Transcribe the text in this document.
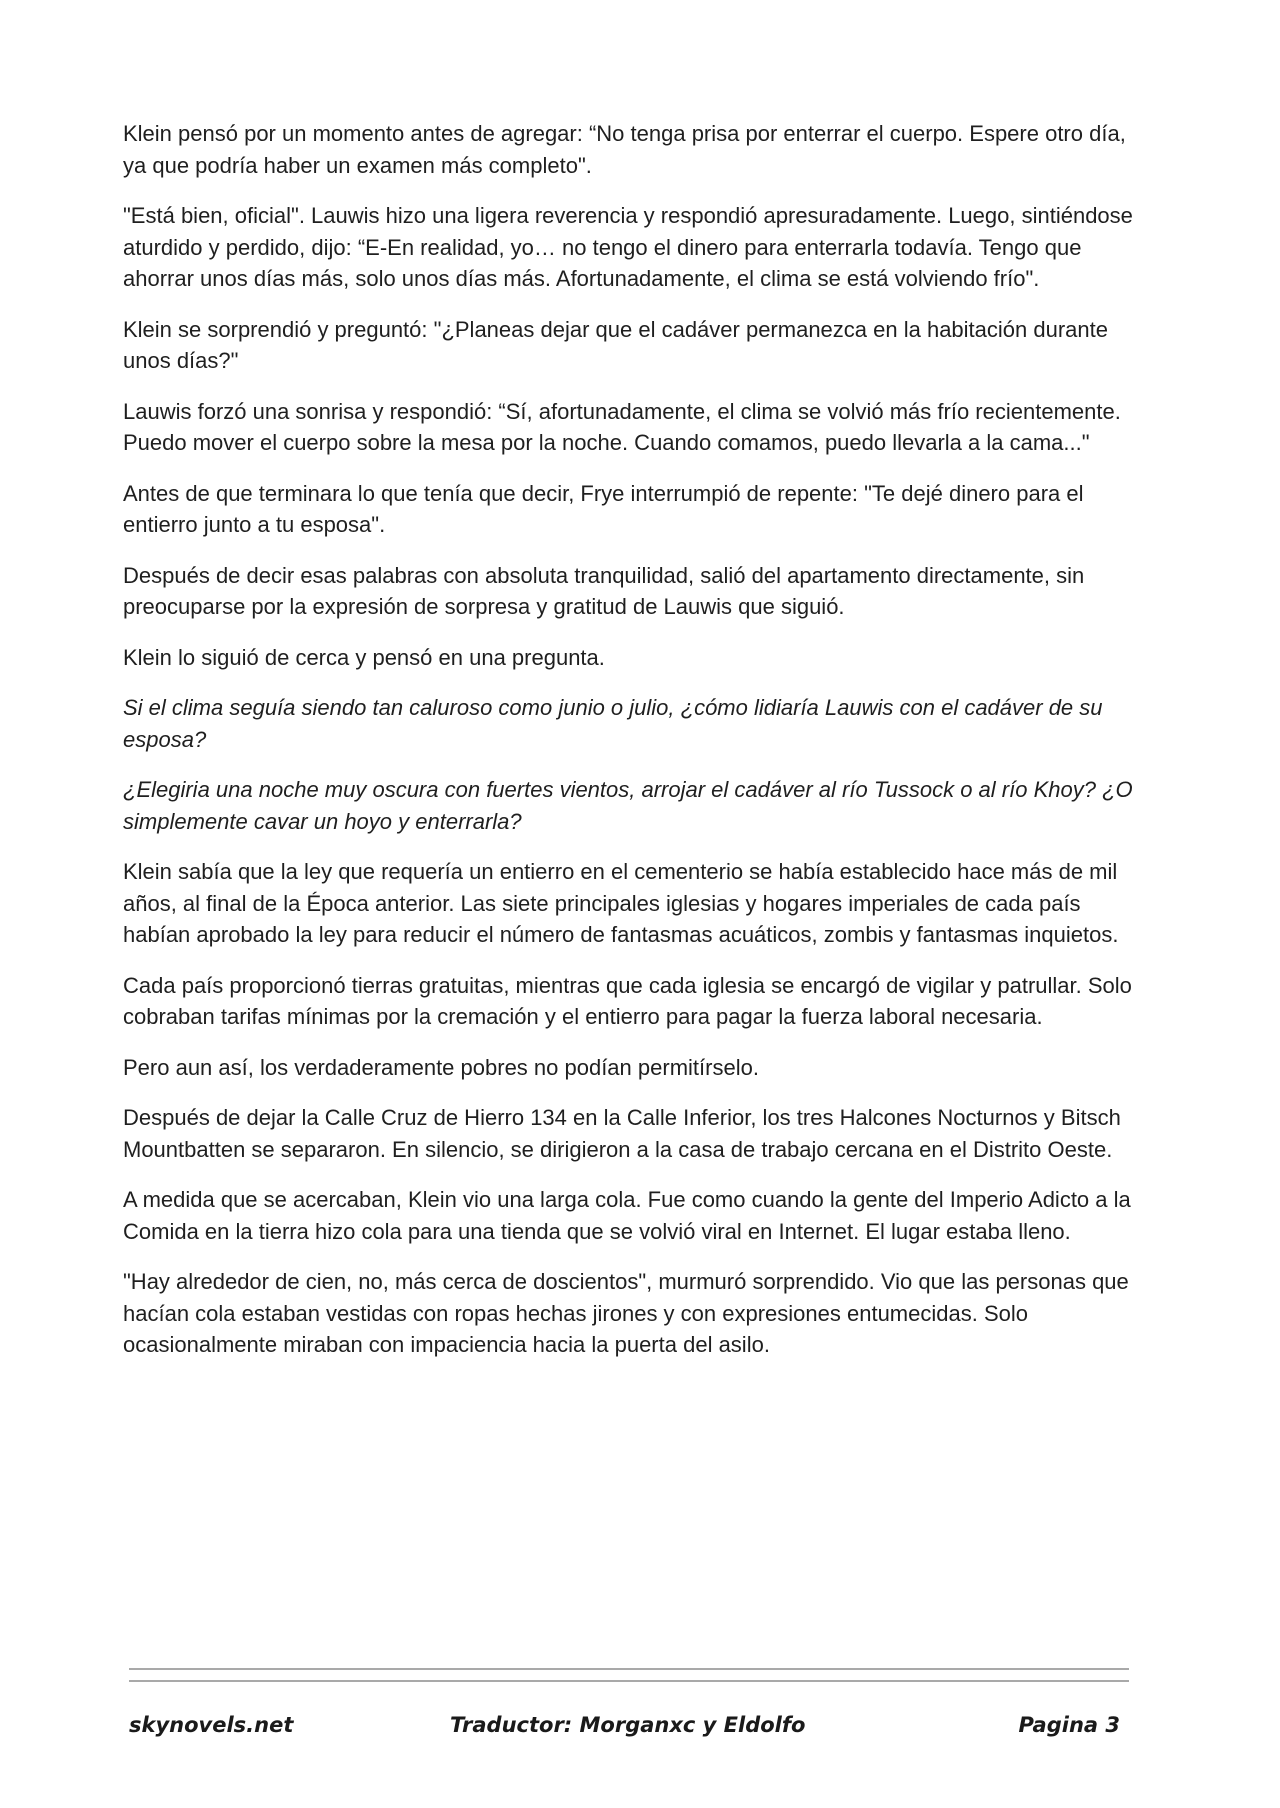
Klein pensó por un momento antes de agregar: “No tenga prisa por enterrar el cuerpo. Espere otro día, ya que podría haber un examen más completo".

"Está bien, oficial". Lauwis hizo una ligera reverencia y respondió apresuradamente. Luego, sintiéndose aturdido y perdido, dijo: “E-En realidad, yo… no tengo el dinero para enterrarla todavía. Tengo que ahorrar unos días más, solo unos días más. Afortunadamente, el clima se está volviendo frío".

Klein se sorprendió y preguntó: "¿Planeas dejar que el cadáver permanezca en la habitación durante unos días?"

Lauwis forzó una sonrisa y respondió: “Sí, afortunadamente, el clima se volvió más frío recientemente. Puedo mover el cuerpo sobre la mesa por la noche. Cuando comamos, puedo llevarla a la cama..."

Antes de que terminara lo que tenía que decir, Frye interrumpió de repente: "Te dejé dinero para el entierro junto a tu esposa".

Después de decir esas palabras con absoluta tranquilidad, salió del apartamento directamente, sin preocuparse por la expresión de sorpresa y gratitud de Lauwis que siguió.

Klein lo siguió de cerca y pensó en una pregunta.

Si el clima seguía siendo tan caluroso como junio o julio, ¿cómo lidiaría Lauwis con el cadáver de su esposa?

¿Elegiria una noche muy oscura con fuertes vientos, arrojar el cadáver al río Tussock o al río Khoy? ¿O simplemente cavar un hoyo y enterrarla?

Klein sabía que la ley que requería un entierro en el cementerio se había establecido hace más de mil años, al final de la Época anterior. Las siete principales iglesias y hogares imperiales de cada país habían aprobado la ley para reducir el número de fantasmas acuáticos, zombis y fantasmas inquietos.

Cada país proporcionó tierras gratuitas, mientras que cada iglesia se encargó de vigilar y patrullar. Solo cobraban tarifas mínimas por la cremación y el entierro para pagar la fuerza laboral necesaria.

Pero aun así, los verdaderamente pobres no podían permitírselo.

Después de dejar la Calle Cruz de Hierro 134 en la Calle Inferior, los tres Halcones Nocturnos y Bitsch Mountbatten se separaron. En silencio, se dirigieron a la casa de trabajo cercana en el Distrito Oeste.

A medida que se acercaban, Klein vio una larga cola. Fue como cuando la gente del Imperio Adicto a la Comida en la tierra hizo cola para una tienda que se volvió viral en Internet. El lugar estaba lleno.

"Hay alrededor de cien, no, más cerca de doscientos", murmuró sorprendido. Vio que las personas que hacían cola estaban vestidas con ropas hechas jirones y con expresiones entumecidas. Solo ocasionalmente miraban con impaciencia hacia la puerta del asilo.

skynovels.net	Traductor: Morganxc y Eldolfo	Pagina 3
